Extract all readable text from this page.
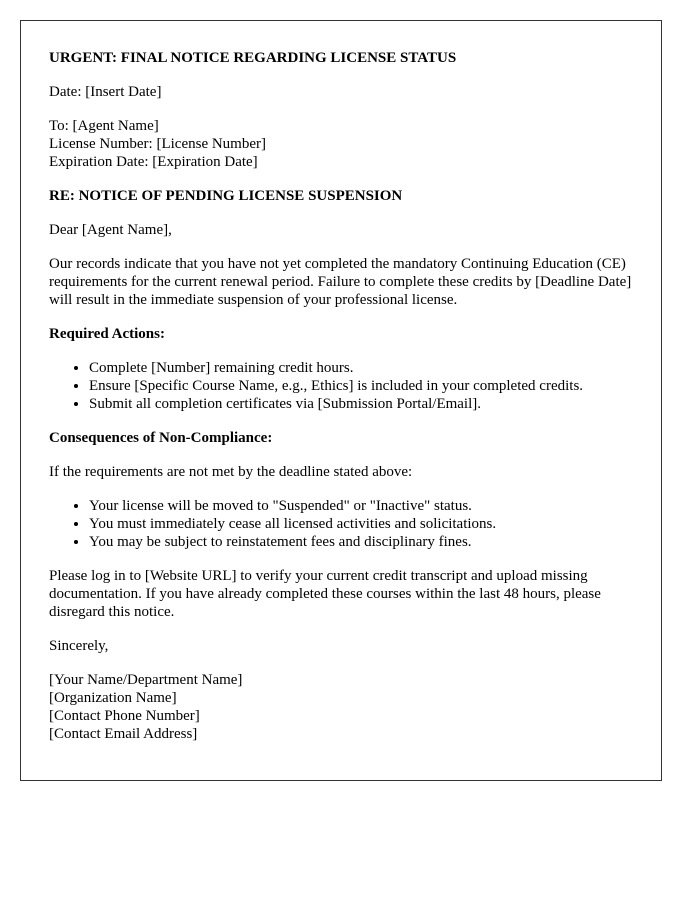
URGENT: FINAL NOTICE REGARDING LICENSE STATUS

Date: [Insert Date]

To: [Agent Name]
License Number: [License Number]
Expiration Date: [Expiration Date]

RE: NOTICE OF PENDING LICENSE SUSPENSION

Dear [Agent Name],

Our records indicate that you have not yet completed the mandatory Continuing Education (CE) requirements for the current renewal period. Failure to complete these credits by [Deadline Date] will result in the immediate suspension of your professional license.

Required Actions:

• Complete [Number] remaining credit hours.
• Ensure [Specific Course Name, e.g., Ethics] is included in your completed credits.
• Submit all completion certificates via [Submission Portal/Email].

Consequences of Non-Compliance:

If the requirements are not met by the deadline stated above:

• Your license will be moved to "Suspended" or "Inactive" status.
• You must immediately cease all licensed activities and solicitations.
• You may be subject to reinstatement fees and disciplinary fines.

Please log in to [Website URL] to verify your current credit transcript and upload missing documentation. If you have already completed these courses within the last 48 hours, please disregard this notice.

Sincerely,

[Your Name/Department Name]
[Organization Name]
[Contact Phone Number]
[Contact Email Address]
